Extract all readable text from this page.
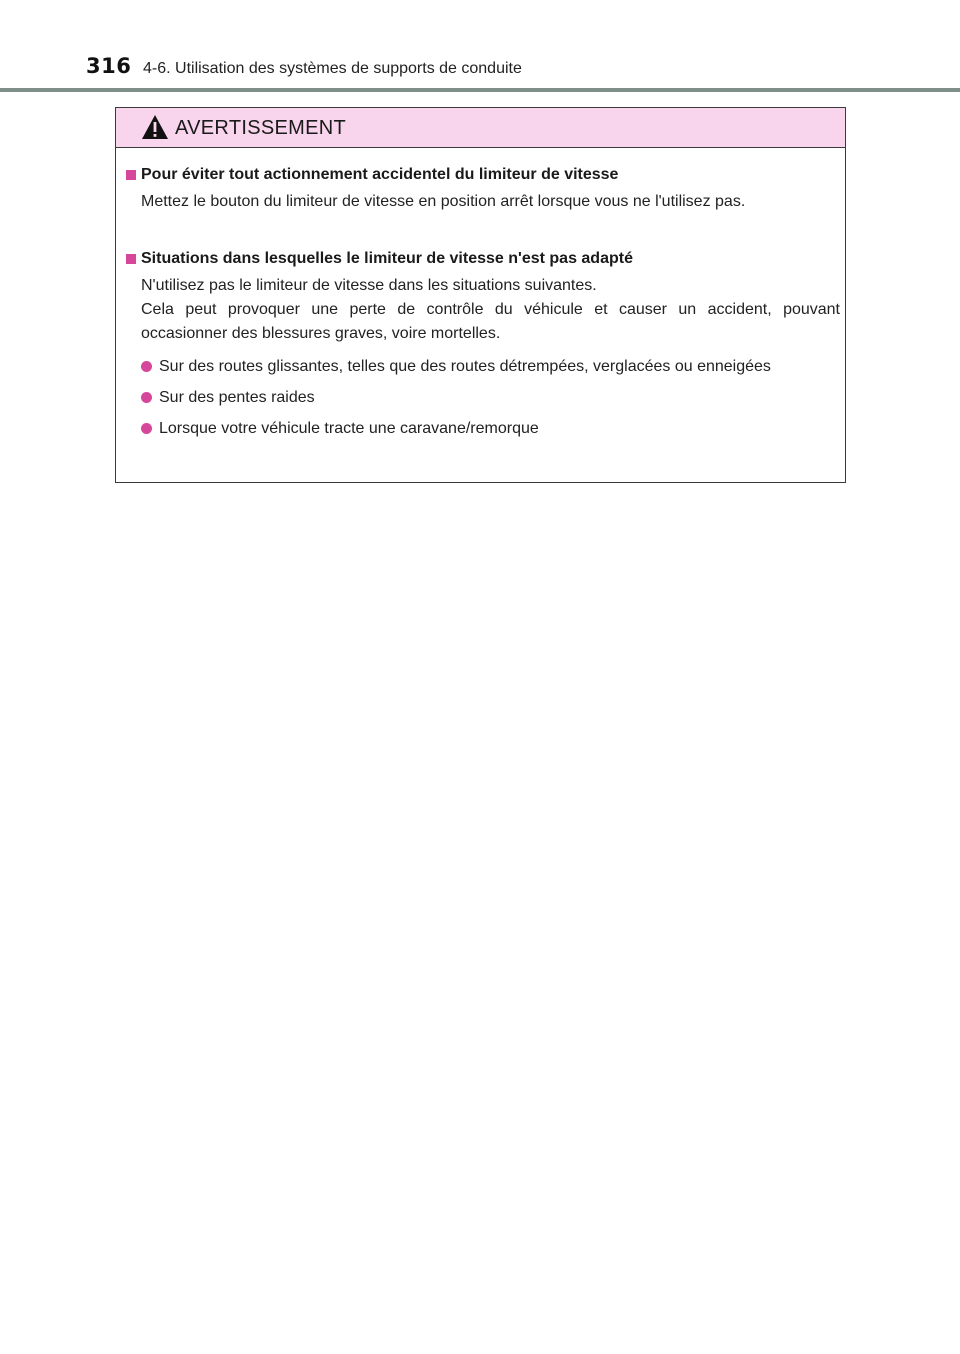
316 4-6. Utilisation des systèmes de supports de conduite
AVERTISSEMENT
Pour éviter tout actionnement accidentel du limiteur de vitesse

Mettez le bouton du limiteur de vitesse en position arrêt lorsque vous ne l'utilisez pas.

Situations dans lesquelles le limiteur de vitesse n'est pas adapté

N'utilisez pas le limiteur de vitesse dans les situations suivantes.

Cela peut provoquer une perte de contrôle du véhicule et causer un accident, pouvant occasionner des blessures graves, voire mortelles.

Sur des routes glissantes, telles que des routes détrempées, verglacées ou enneigées
Sur des pentes raides
Lorsque votre véhicule tracte une caravane/remorque
